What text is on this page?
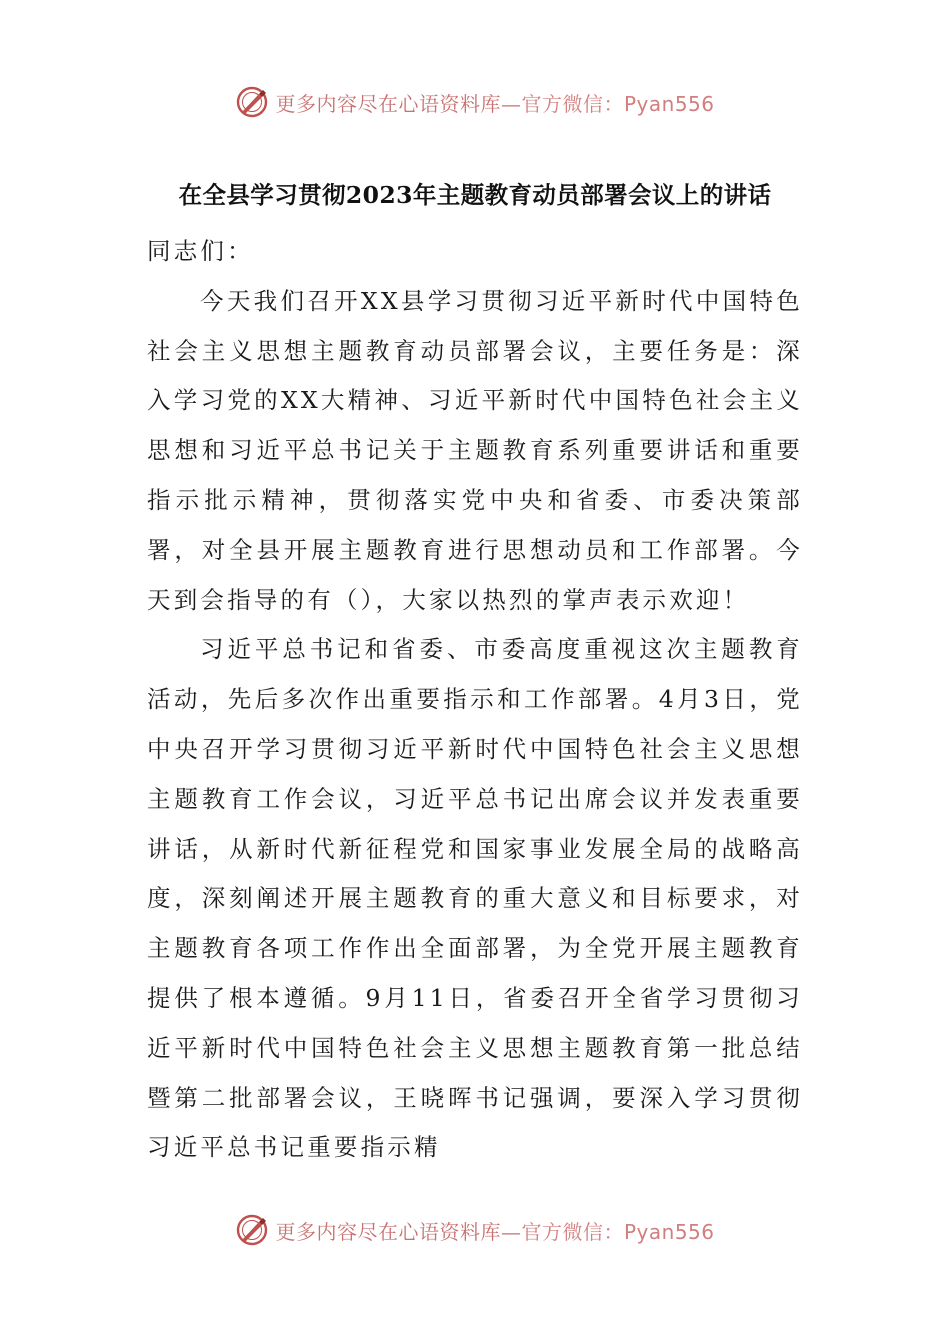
更多内容尽在心语资料库—官方微信：Pyan556
在全县学习贯彻2023年主题教育动员部署会议上的讲话

同志们：

今天我们召开XX县学习贯彻习近平新时代中国特色社会主义思想主题教育动员部署会议，主要任务是：深入学习党的XX大精神、习近平新时代中国特色社会主义思想和习近平总书记关于主题教育系列重要讲话和重要指示批示精神，贯彻落实党中央和省委、市委决策部署，对全县开展主题教育进行思想动员和工作部署。今天到会指导的有（），大家以热烈的掌声表示欢迎！

习近平总书记和省委、市委高度重视这次主题教育活动，先后多次作出重要指示和工作部署。4月3日，党中央召开学习贯彻习近平新时代中国特色社会主义思想主题教育工作会议，习近平总书记出席会议并发表重要讲话，从新时代新征程党和国家事业发展全局的战略高度，深刻阐述开展主题教育的重大意义和目标要求，对主题教育各项工作作出全面部署，为全党开展主题教育提供了根本遵循。9月11日，省委召开全省学习贯彻习近平新时代中国特色社会主义思想主题教育第一批总结暨第二批部署会议，王晓晖书记强调，要深入学习贯彻习近平总书记重要指示精

更多内容尽在心语资料库—官方微信：Pyan556
